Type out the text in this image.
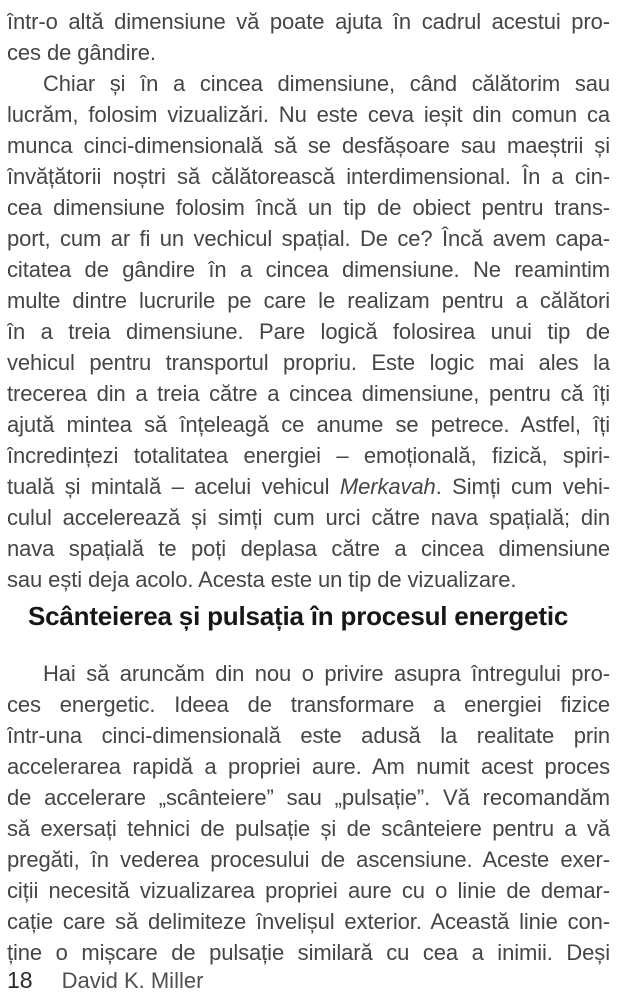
într-o altă dimensiune vă poate ajuta în cadrul acestui pro-
ces de gândire.
Chiar și în a cincea dimensiune, când călătorim sau
lucrăm, folosim vizualizări. Nu este ceva ieșit din comun ca
munca cinci-dimensională să se desfășoare sau maeștrii și
învățătorii noștri să călătorească interdimensional. În a cin-
cea dimensiune folosim încă un tip de obiect pentru trans-
port, cum ar fi un vechicul spațial. De ce? Încă avem capa-
citatea de gândire în a cincea dimensiune. Ne reamintim
multe dintre lucrurile pe care le realizam pentru a călători
în a treia dimensiune. Pare logică folosirea unui tip de
vehicul pentru transportul propriu. Este logic mai ales la
trecerea din a treia către a cincea dimensiune, pentru că îți
ajută mintea să înțeleagă ce anume se petrece. Astfel, îți
încredințezi totalitatea energiei – emoțională, fizică, spiri-
tuală și mintală – acelui vehicul Merkavah. Simți cum vehi-
culul accelerează și simți cum urci către nava spațială; din
nava spațială te poți deplasa către a cincea dimensiune
sau ești deja acolo. Acesta este un tip de vizualizare.
Scânteierea și pulsația în procesul energetic
Hai să aruncăm din nou o privire asupra întregului pro-
ces energetic. Ideea de transformare a energiei fizice
într-una cinci-dimensională este adusă la realitate prin
accelerarea rapidă a propriei aure. Am numit acest proces
de accelerare „scânteiere” sau „pulsație”. Vă recomandăm
să exersați tehnici de pulsație și de scânteiere pentru a vă
pregăti, în vederea procesului de ascensiune. Aceste exer-
ciții necesită vizualizarea propriei aure cu o linie de demar-
cație care să delimiteze învelișul exterior. Această linie con-
ține o mișcare de pulsație similară cu cea a inimii. Deși
18 David K. Miller
